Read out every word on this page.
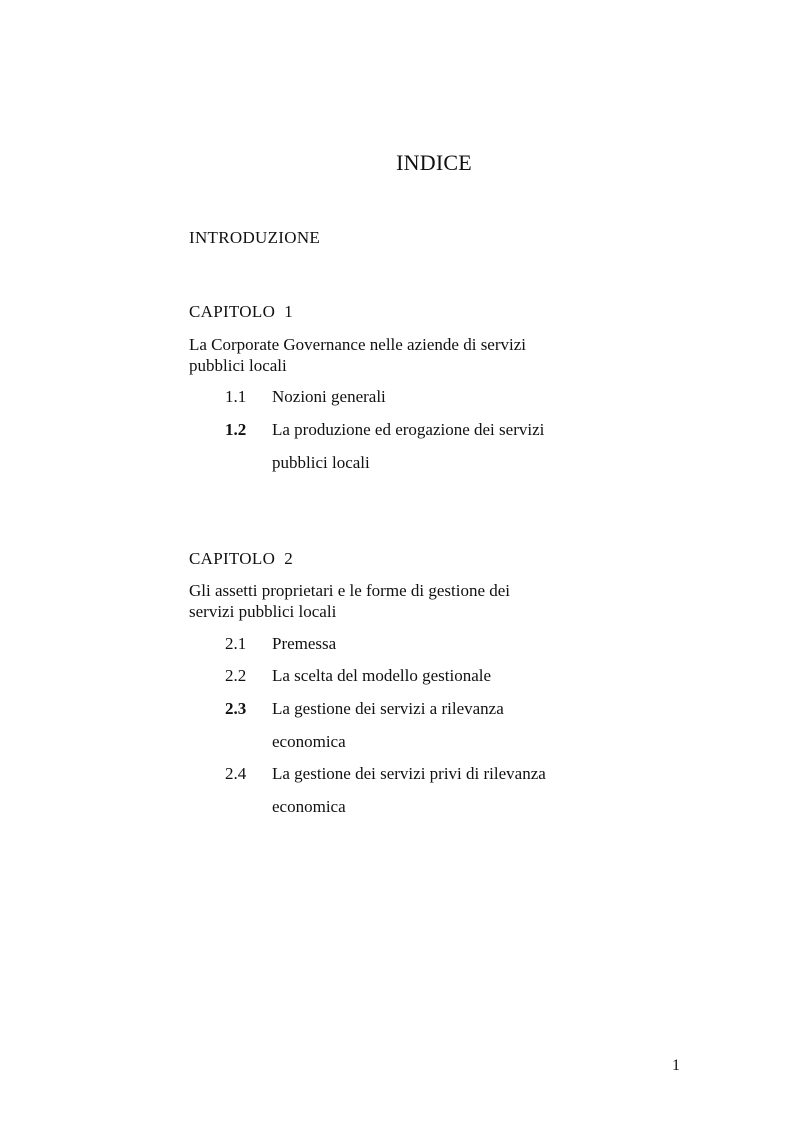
INDICE
INTRODUZIONE
CAPITOLO  1
La Corporate Governance nelle aziende di servizi pubblici locali
1.1 Nozioni generali
1.2 La produzione ed erogazione dei servizi pubblici locali
CAPITOLO  2
Gli assetti proprietari e le forme di gestione dei servizi pubblici locali
2.1 Premessa
2.2 La scelta del modello gestionale
2.3 La gestione dei servizi a rilevanza economica
2.4 La gestione dei servizi privi di rilevanza economica
1
